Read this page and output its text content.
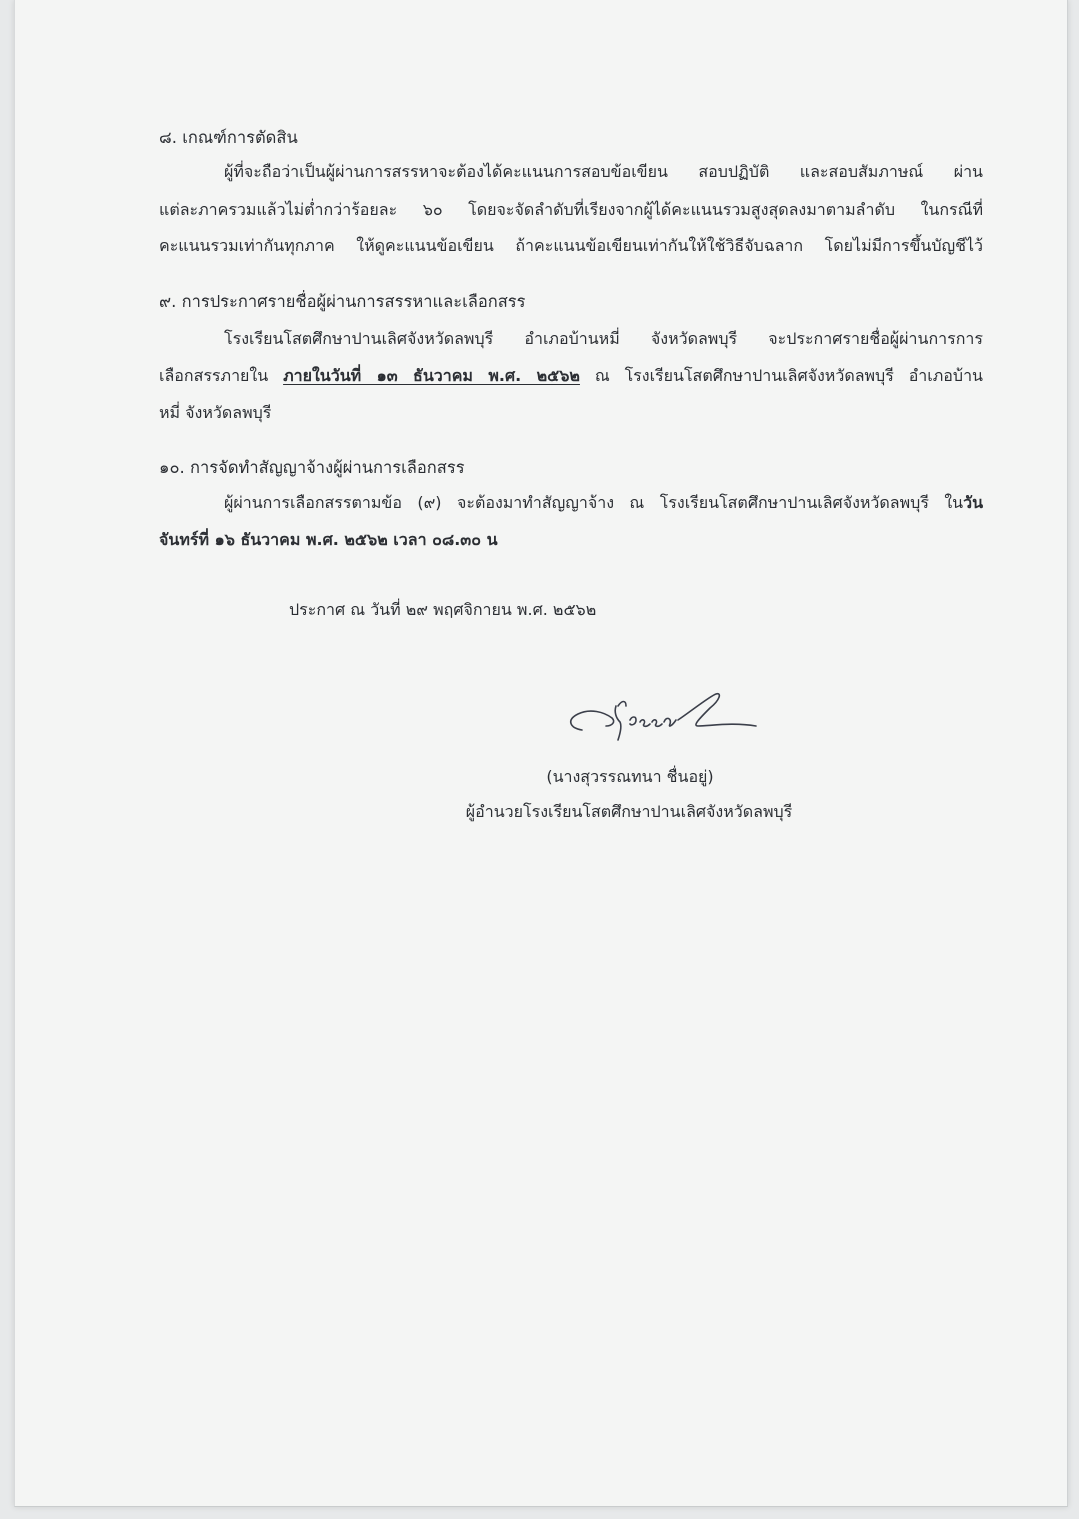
๘. เกณฑ์การตัดสิน
ผู้ที่จะถือว่าเป็นผู้ผ่านการสรรหาจะต้องได้คะแนนการสอบข้อเขียน สอบปฏิบัติ และสอบสัมภาษณ์ ผ่าน
แต่ละภาครวมแล้วไม่ต่ำกว่าร้อยละ ๖๐ โดยจะจัดลำดับที่เรียงจากผู้ได้คะแนนรวมสูงสุดลงมาตามลำดับ ในกรณีที่
คะแนนรวมเท่ากันทุกภาค ให้ดูคะแนนข้อเขียน ถ้าคะแนนข้อเขียนเท่ากันให้ใช้วิธีจับฉลาก โดยไม่มีการขึ้นบัญชีไว้
๙. การประกาศรายชื่อผู้ผ่านการสรรหาและเลือกสรร
โรงเรียนโสตศึกษาปานเลิศจังหวัดลพบุรี อำเภอบ้านหมี่ จังหวัดลพบุรี จะประกาศรายชื่อผู้ผ่านการการ
เลือกสรรภายใน ภายในวันที่ ๑๓ ธันวาคม พ.ศ. ๒๕๖๒ ณ โรงเรียนโสตศึกษาปานเลิศจังหวัดลพบุรี อำเภอบ้าน
หมี่ จังหวัดลพบุรี
๑๐. การจัดทำสัญญาจ้างผู้ผ่านการเลือกสรร
ผู้ผ่านการเลือกสรรตามข้อ (๙) จะต้องมาทำสัญญาจ้าง ณ โรงเรียนโสตศึกษาปานเลิศจังหวัดลพบุรี ในวัน
จันทร์ที่ ๑๖ ธันวาคม พ.ศ. ๒๕๖๒ เวลา ๐๘.๓๐ น
ประกาศ ณ วันที่ ๒๙ พฤศจิกายน พ.ศ. ๒๕๖๒
(นางสุวรรณทนา ชื่นอยู่)
ผู้อำนวยโรงเรียนโสตศึกษาปานเลิศจังหวัดลพบุรี
